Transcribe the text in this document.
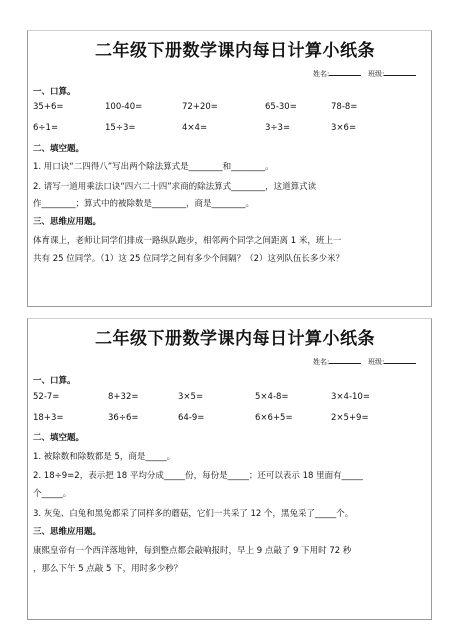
二年级下册数学课内每日计算小纸条
姓名:	班级:
一、口算。
35+6=	100-40=	72+20=	65-30=	78-8=
6÷1=	15÷3=	4×4=	3÷3=	3×6=
二、填空题。
1. 用口诀“二四得八”写出两个除法算式是________和________。
2. 请写一道用乘法口诀“四六二十四”求商的除法算式________，这道算式读
作________；算式中的被除数是________，商是________。
三、思维应用题。
体育课上，老师让同学们排成一路纵队跑步，相邻两个同学之间距离 1 米，班上一
共有 25 位同学。（1）这 25 位同学之间有多少个间隔？（2）这列队伍长多少米？
二年级下册数学课内每日计算小纸条
姓名:	班级:
一、口算。
52-7=	8+32=	3×5=	5×4-8=	3×4-10=
18+3=	36÷6=	64-9=	6×6+5=	2×5+9=
二、填空题。
1. 被除数和除数都是 5，商是_____。
2. 18÷9=2，表示把 18 平均分成_____份，每份是_____；还可以表示 18 里面有_____
个_____。
3. 灰兔、白兔和黑兔都采了同样多的蘑菇，它们一共采了 12 个，黑兔采了_____个。
三、思维应用题。
康熙皇帝有一个西洋落地钟，每到整点都会敲响报时，早上 9 点敲了 9 下用时 72 秒
，那么下午 5 点敲 5 下，用时多少秒？
